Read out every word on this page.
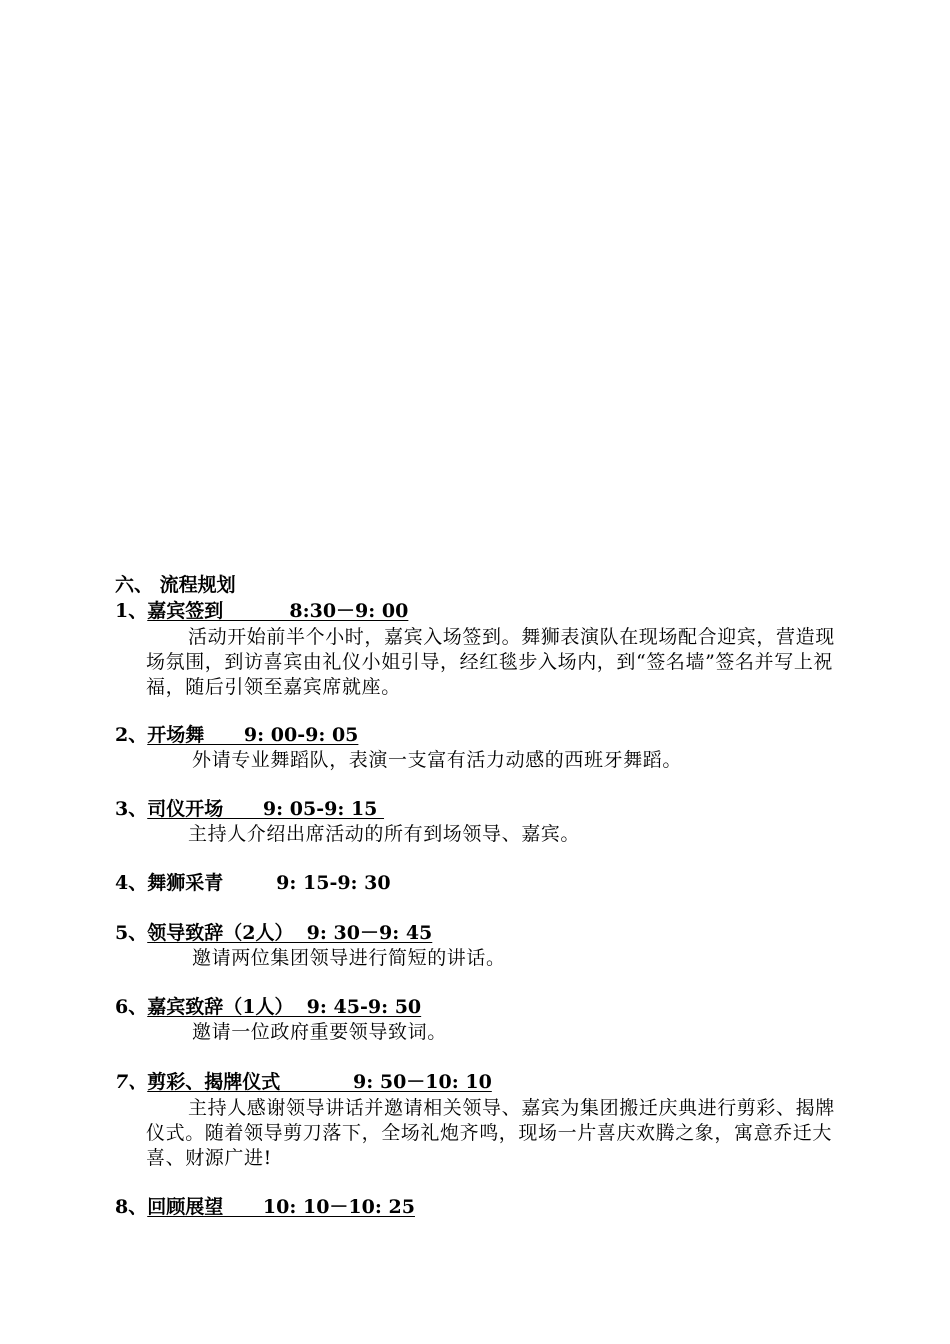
六、 流程规划
1、嘉宾签到          8:30－9: 00

活动开始前半个小时，嘉宾入场签到。舞狮表演队在现场配合迎宾，营造现场氛围，到访喜宾由礼仪小姐引导，经红毯步入场内，到“签名墙”签名并写上祝福，随后引领至嘉宾席就座。

2、开场舞      9: 00-9: 05

外请专业舞蹈队，表演一支富有活力动感的西班牙舞蹈。

3、司仪开场      9: 05-9: 15

主持人介绍出席活动的所有到场领导、嘉宾。

4、舞狮采青        9: 15-9: 30
5、领导致辞（2人）  9: 30－9: 45

邀请两位集团领导进行简短的讲话。

6、嘉宾致辞（1人）  9: 45-9: 50

邀请一位政府重要领导致词。

7、剪彩、揭牌仪式           9: 50－10: 10

主持人感谢领导讲话并邀请相关领导、嘉宾为集团搬迁庆典进行剪彩、揭牌仪式。随着领导剪刀落下，全场礼炮齐鸣，现场一片喜庆欢腾之象，寓意乔迁大喜、财源广进!

8、回顾展望      10: 10－10: 25
